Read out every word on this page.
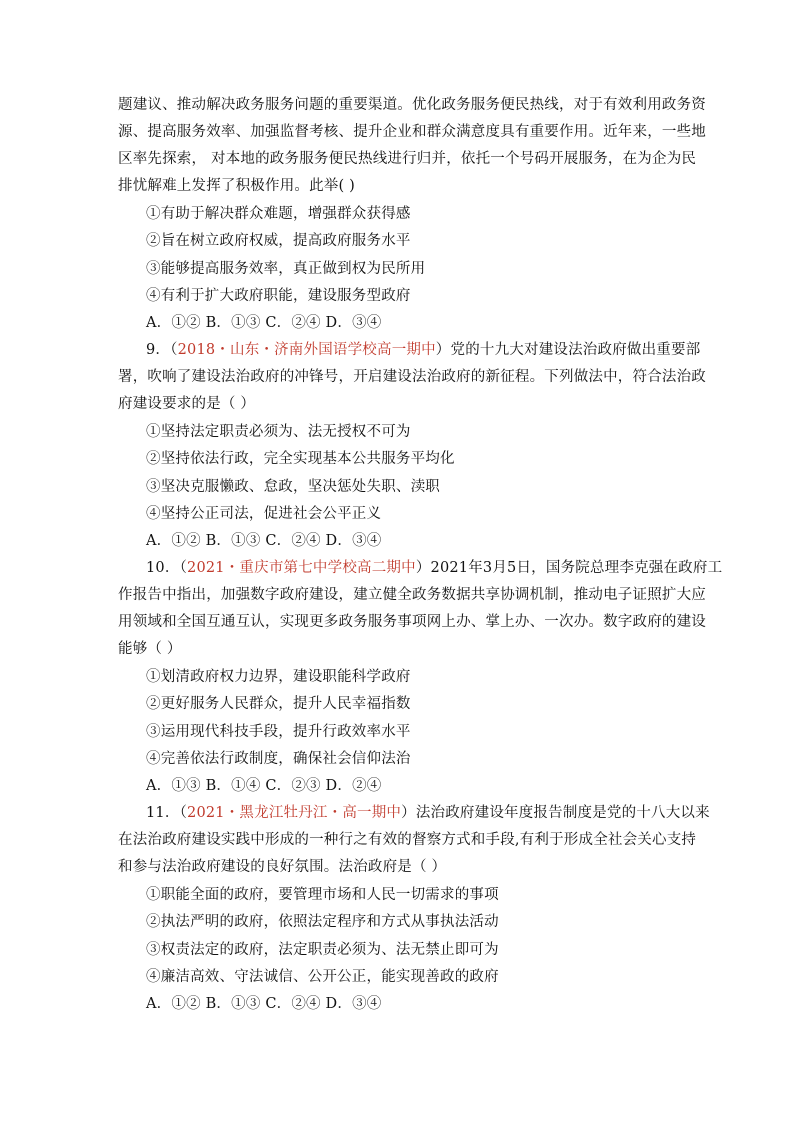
题建议、推动解决政务服务问题的重要渠道。优化政务服务便民热线，对于有效利用政务资
源、提高服务效率、加强监督考核、提升企业和群众满意度具有重要作用。近年来，一些地
区率先探索， 对本地的政务服务便民热线进行归并，依托一个号码开展服务，在为企为民
排忧解难上发挥了积极作用。此举( )
①有助于解决群众难题，增强群众获得感
②旨在树立政府权威，提高政府服务水平
③能够提高服务效率，真正做到权为民所用
④有利于扩大政府职能，建设服务型政府
A．①② B．①③ C．②④ D．③④
9．（2018・山东・济南外国语学校高一期中）党的十九大对建设法治政府做出重要部
署，吹响了建设法治政府的冲锋号，开启建设法治政府的新征程。下列做法中，符合法治政
府建设要求的是（ ）
①坚持法定职责必须为、法无授权不可为
②坚持依法行政，完全实现基本公共服务平均化
③坚决克服懒政、怠政，坚决惩处失职、渎职
④坚持公正司法，促进社会公平正义
A．①② B．①③ C．②④ D．③④
10．（2021・重庆市第七中学校高二期中）2021年3月5日，国务院总理李克强在政府工
作报告中指出，加强数字政府建设，建立健全政务数据共享协调机制，推动电子证照扩大应
用领域和全国互通互认，实现更多政务服务事项网上办、掌上办、一次办。数字政府的建设
能够（ ）
①划清政府权力边界，建设职能科学政府
②更好服务人民群众，提升人民幸福指数
③运用现代科技手段，提升行政效率水平
④完善依法行政制度，确保社会信仰法治
A．①③ B．①④ C．②③ D．②④
11．（2021・黑龙江牡丹江・高一期中）法治政府建设年度报告制度是党的十八大以来
在法治政府建设实践中形成的一种行之有效的督察方式和手段,有利于形成全社会关心支持
和参与法治政府建设的良好氛围。法治政府是（ ）
①职能全面的政府，要管理市场和人民一切需求的事项
②执法严明的政府，依照法定程序和方式从事执法活动
③权责法定的政府，法定职责必须为、法无禁止即可为
④廉洁高效、守法诚信、公开公正，能实现善政的政府
A．①② B．①③ C．②④ D．③④
